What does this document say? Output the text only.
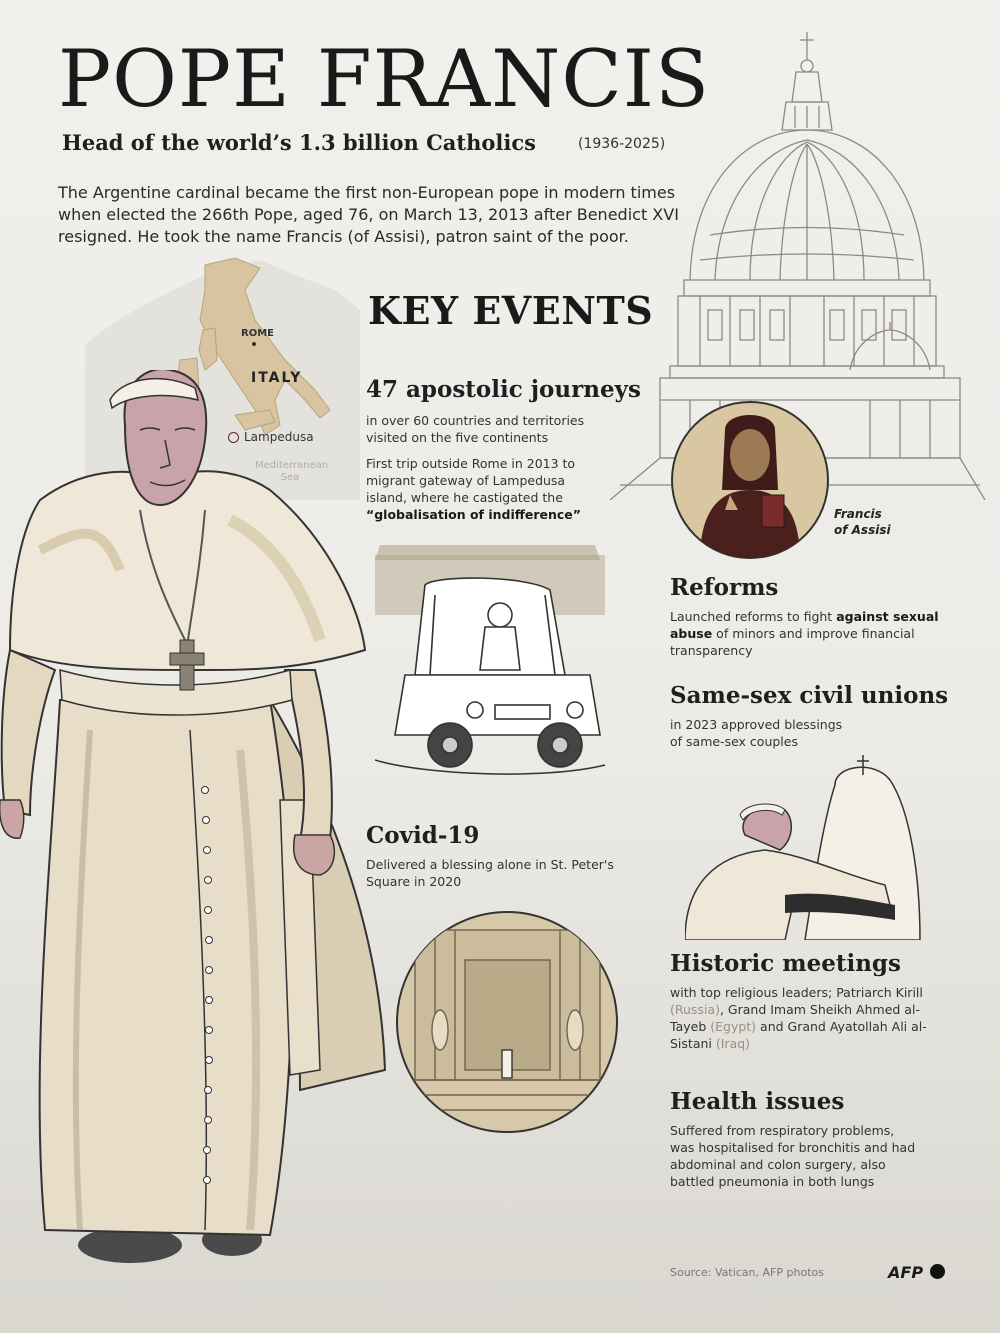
POPE FRANCIS
Head of the world’s 1.3 billion Catholics	(1936-2025)
The Argentine cardinal became the first non-European pope in modern times when elected the 266th Pope, aged 76, on March 13, 2013 after Benedict XVI resigned. He took the name Francis (of Assisi), patron saint of the poor.
ROME
ITALY
Lampedusa
Mediterranean Sea
KEY EVENTS
47 apostolic journeys
in over 60 countries and territories visited on the five continents
First trip outside Rome in 2013 to migrant gateway of Lampedusa island, where he castigated the “globalisation of indifference”	Francis
of Assisi
Reforms
Launched reforms to fight against sexual abuse of minors and improve financial transparency
Same-sex civil unions
in 2023 approved blessings of same-sex couples
Covid-19
Delivered a blessing alone in St. Peter's Square in 2020
Historic meetings
with top religious leaders; Patriarch Kirill (Russia), Grand Imam Sheikh Ahmed al-Tayeb (Egypt) and Grand Ayatollah Ali al-Sistani (Iraq)
Health issues
Suffered from respiratory problems, was hospitalised for bronchitis and had abdominal and colon surgery, also battled pneumonia in both lungs
Source: Vatican, AFP photos	AFP
